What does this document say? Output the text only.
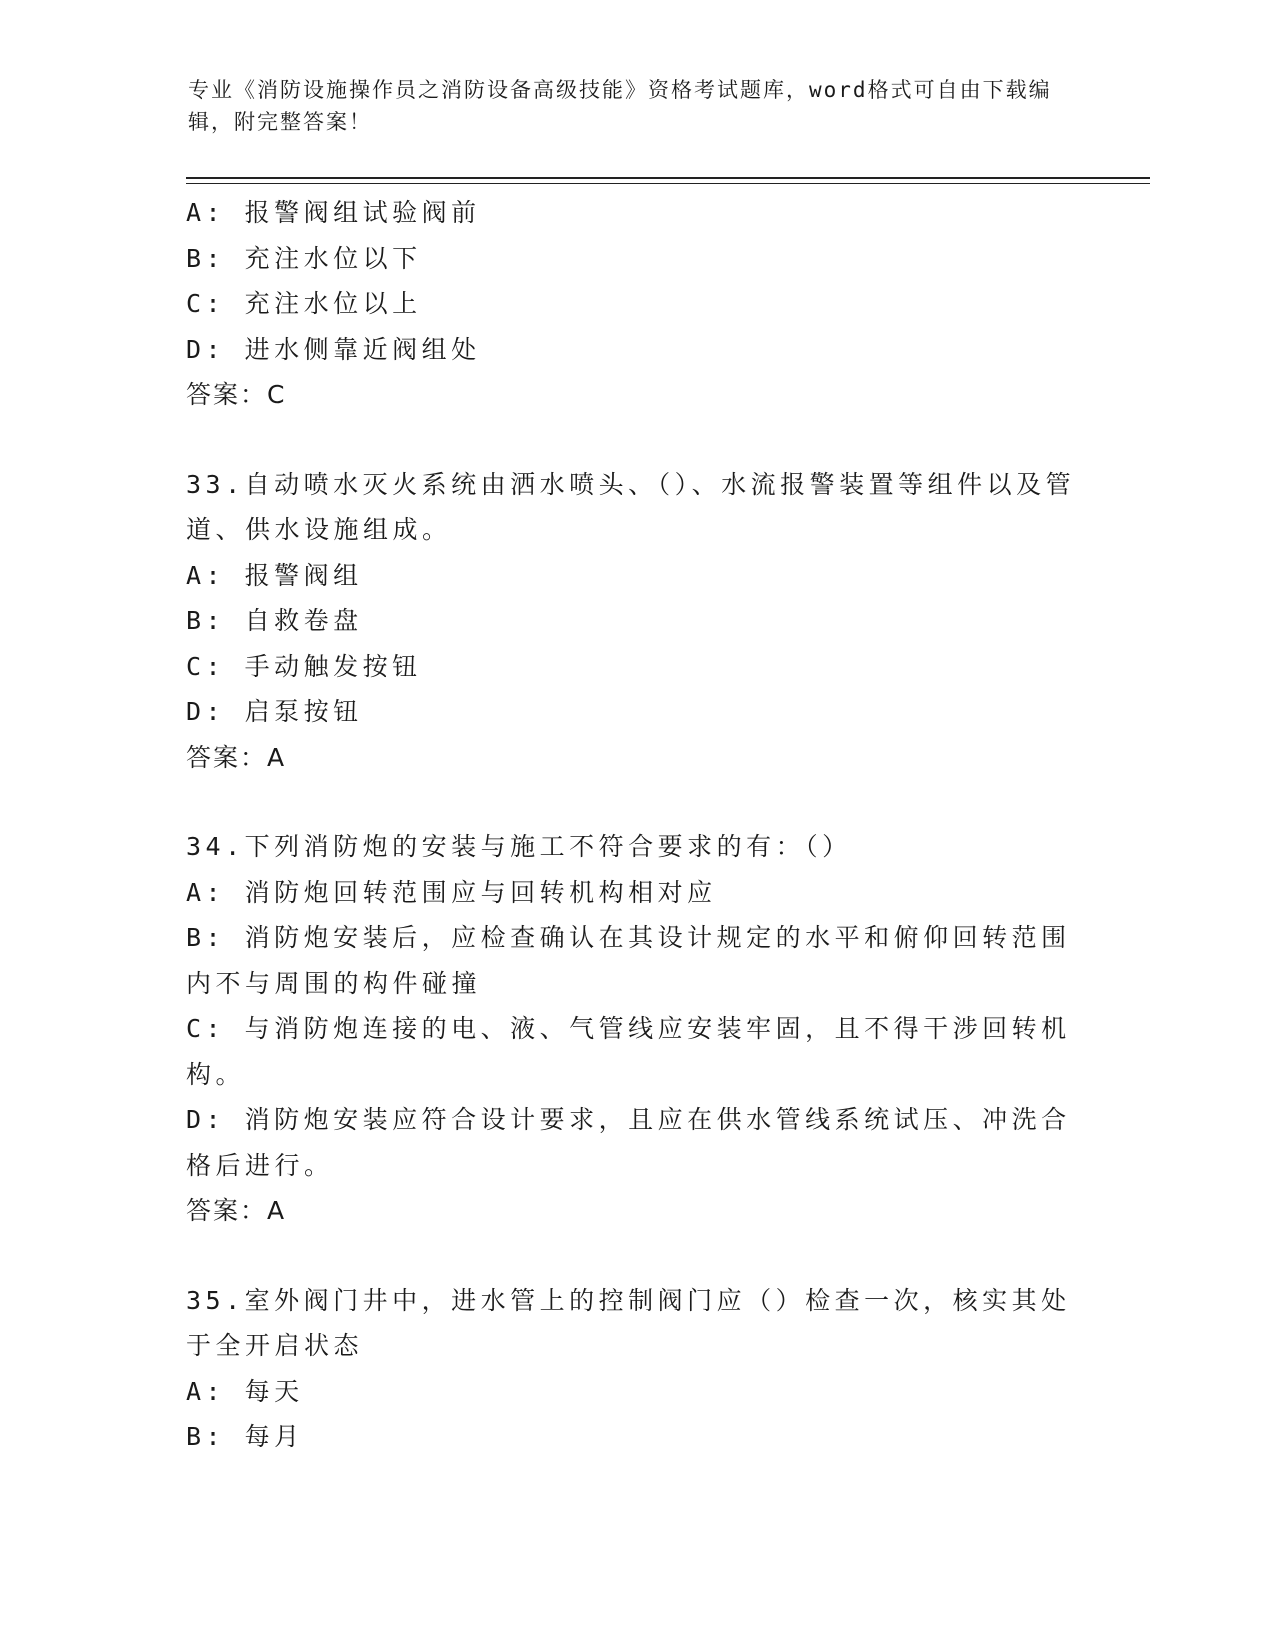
专业《消防设施操作员之消防设备高级技能》资格考试题库，word格式可自由下载编辑，附完整答案！
A: 报警阀组试验阀前
B: 充注水位以下
C: 充注水位以上
D: 进水侧靠近阀组处
答案：C
33.自动喷水灭火系统由洒水喷头、（）、水流报警装置等组件以及管道、供水设施组成。
A: 报警阀组
B: 自救卷盘
C: 手动触发按钮
D: 启泵按钮
答案：A
34.下列消防炮的安装与施工不符合要求的有：（）
A: 消防炮回转范围应与回转机构相对应
B: 消防炮安装后，应检查确认在其设计规定的水平和俯仰回转范围内不与周围的构件碰撞
C: 与消防炮连接的电、液、气管线应安装牢固，且不得干涉回转机构。
D: 消防炮安装应符合设计要求，且应在供水管线系统试压、冲洗合格后进行。
答案：A
35.室外阀门井中，进水管上的控制阀门应（）检查一次，核实其处于全开启状态
A: 每天
B: 每月
